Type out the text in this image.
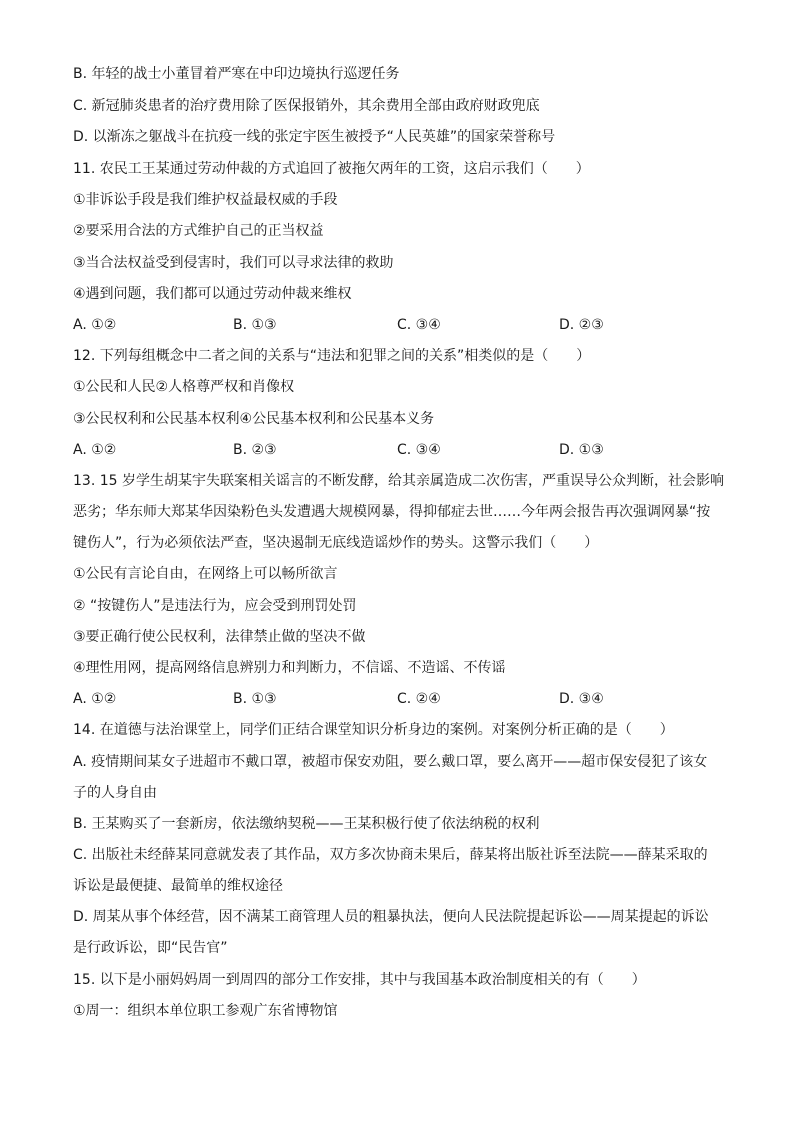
B. 年轻的战士小董冒着严寒在中印边境执行巡逻任务
C. 新冠肺炎患者的治疗费用除了医保报销外，其余费用全部由政府财政兜底
D. 以渐冻之躯战斗在抗疫一线的张定宇医生被授予“人民英雄”的国家荣誉称号
11. 农民工王某通过劳动仲裁的方式追回了被拖欠两年的工资，这启示我们（　　）
①非诉讼手段是我们维护权益最权威的手段
②要采用合法的方式维护自己的正当权益
③当合法权益受到侵害时，我们可以寻求法律的救助
④遇到问题，我们都可以通过劳动仲裁来维权
A. ①②	B. ①③	C. ③④	D. ②③
12. 下列每组概念中二者之间的关系与“违法和犯罪之间的关系”相类似的是（　　）
①公民和人民②人格尊严权和肖像权
③公民权利和公民基本权利④公民基本权利和公民基本义务
A. ①②	B. ②③	C. ③④	D. ①③
13. 15 岁学生胡某宇失联案相关谣言的不断发酵，给其亲属造成二次伤害，严重误导公众判断，社会影响
恶劣；华东师大郑某华因染粉色头发遭遇大规模网暴，得抑郁症去世……今年两会报告再次强调网暴“按
键伤人”，行为必须依法严查，坚决遏制无底线造谣炒作的势头。这警示我们（　　）
①公民有言论自由，在网络上可以畅所欲言
② “按键伤人”是违法行为，应会受到刑罚处罚
③要正确行使公民权利，法律禁止做的坚决不做
④理性用网，提高网络信息辨别力和判断力，不信谣、不造谣、不传谣
A. ①②	B. ①③	C. ②④	D. ③④
14. 在道德与法治课堂上，同学们正结合课堂知识分析身边的案例。对案例分析正确的是（　　）
A. 疫情期间某女子进超市不戴口罩，被超市保安劝阻，要么戴口罩，要么离开——超市保安侵犯了该女
子的人身自由
B. 王某购买了一套新房，依法缴纳契税——王某积极行使了依法纳税的权利
C. 出版社未经薛某同意就发表了其作品，双方多次协商未果后，薛某将出版社诉至法院——薛某采取的
诉讼是最便捷、最简单的维权途径
D. 周某从事个体经营，因不满某工商管理人员的粗暴执法，便向人民法院提起诉讼——周某提起的诉讼
是行政诉讼，即“民告官”
15. 以下是小丽妈妈周一到周四的部分工作安排，其中与我国基本政治制度相关的有（　　）
①周一：组织本单位职工参观广东省博物馆
